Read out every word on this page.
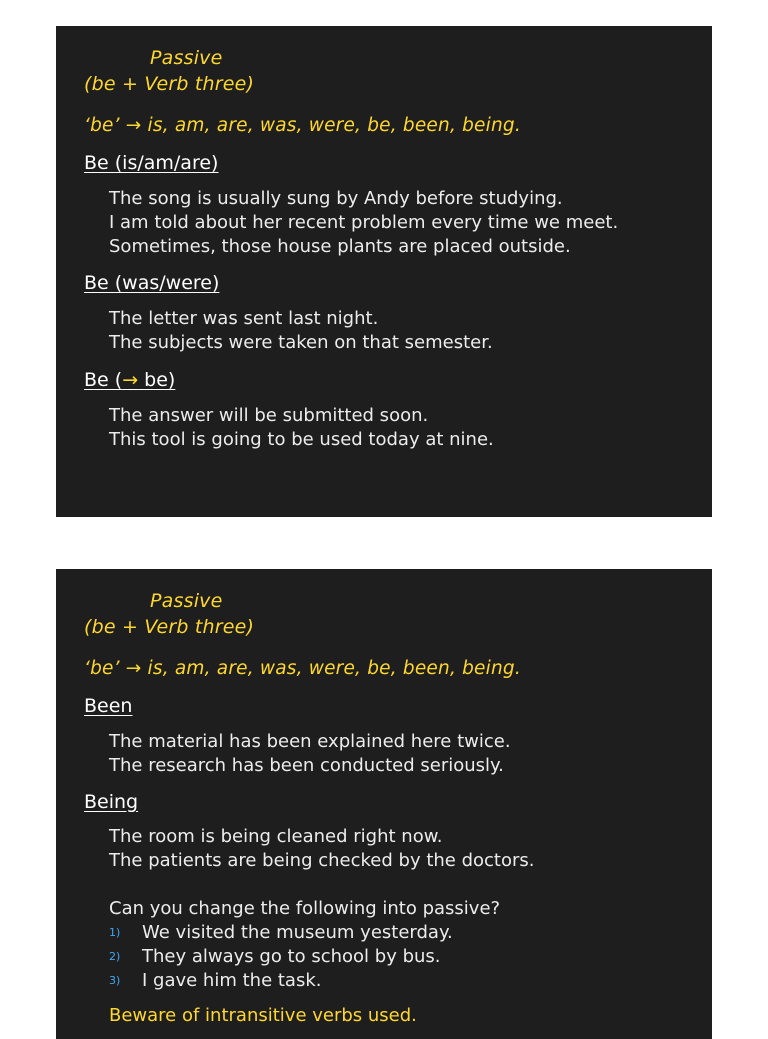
Passive
(be + Verb three)
‘be’ → is, am, are, was, were, be, been, being.
Be (is/am/are)
The song is usually sung by Andy before studying.
I am told about her recent problem every time we meet.
Sometimes, those house plants are placed outside.
Be (was/were)
The letter was sent last night.
The subjects were taken on that semester.
Be (→ be)
The answer will be submitted soon.
This tool is going to be used today at nine.
Passive
(be + Verb three)
‘be’ → is, am, are, was, were, be, been, being.
Been
The material has been explained here twice.
The research has been conducted seriously.
Being
The room is being cleaned right now.
The patients are being checked by the doctors.
Can you change the following into passive?
1) We visited the museum yesterday.
2) They always go to school by bus.
3) I gave him the task.
Beware of intransitive verbs used.
